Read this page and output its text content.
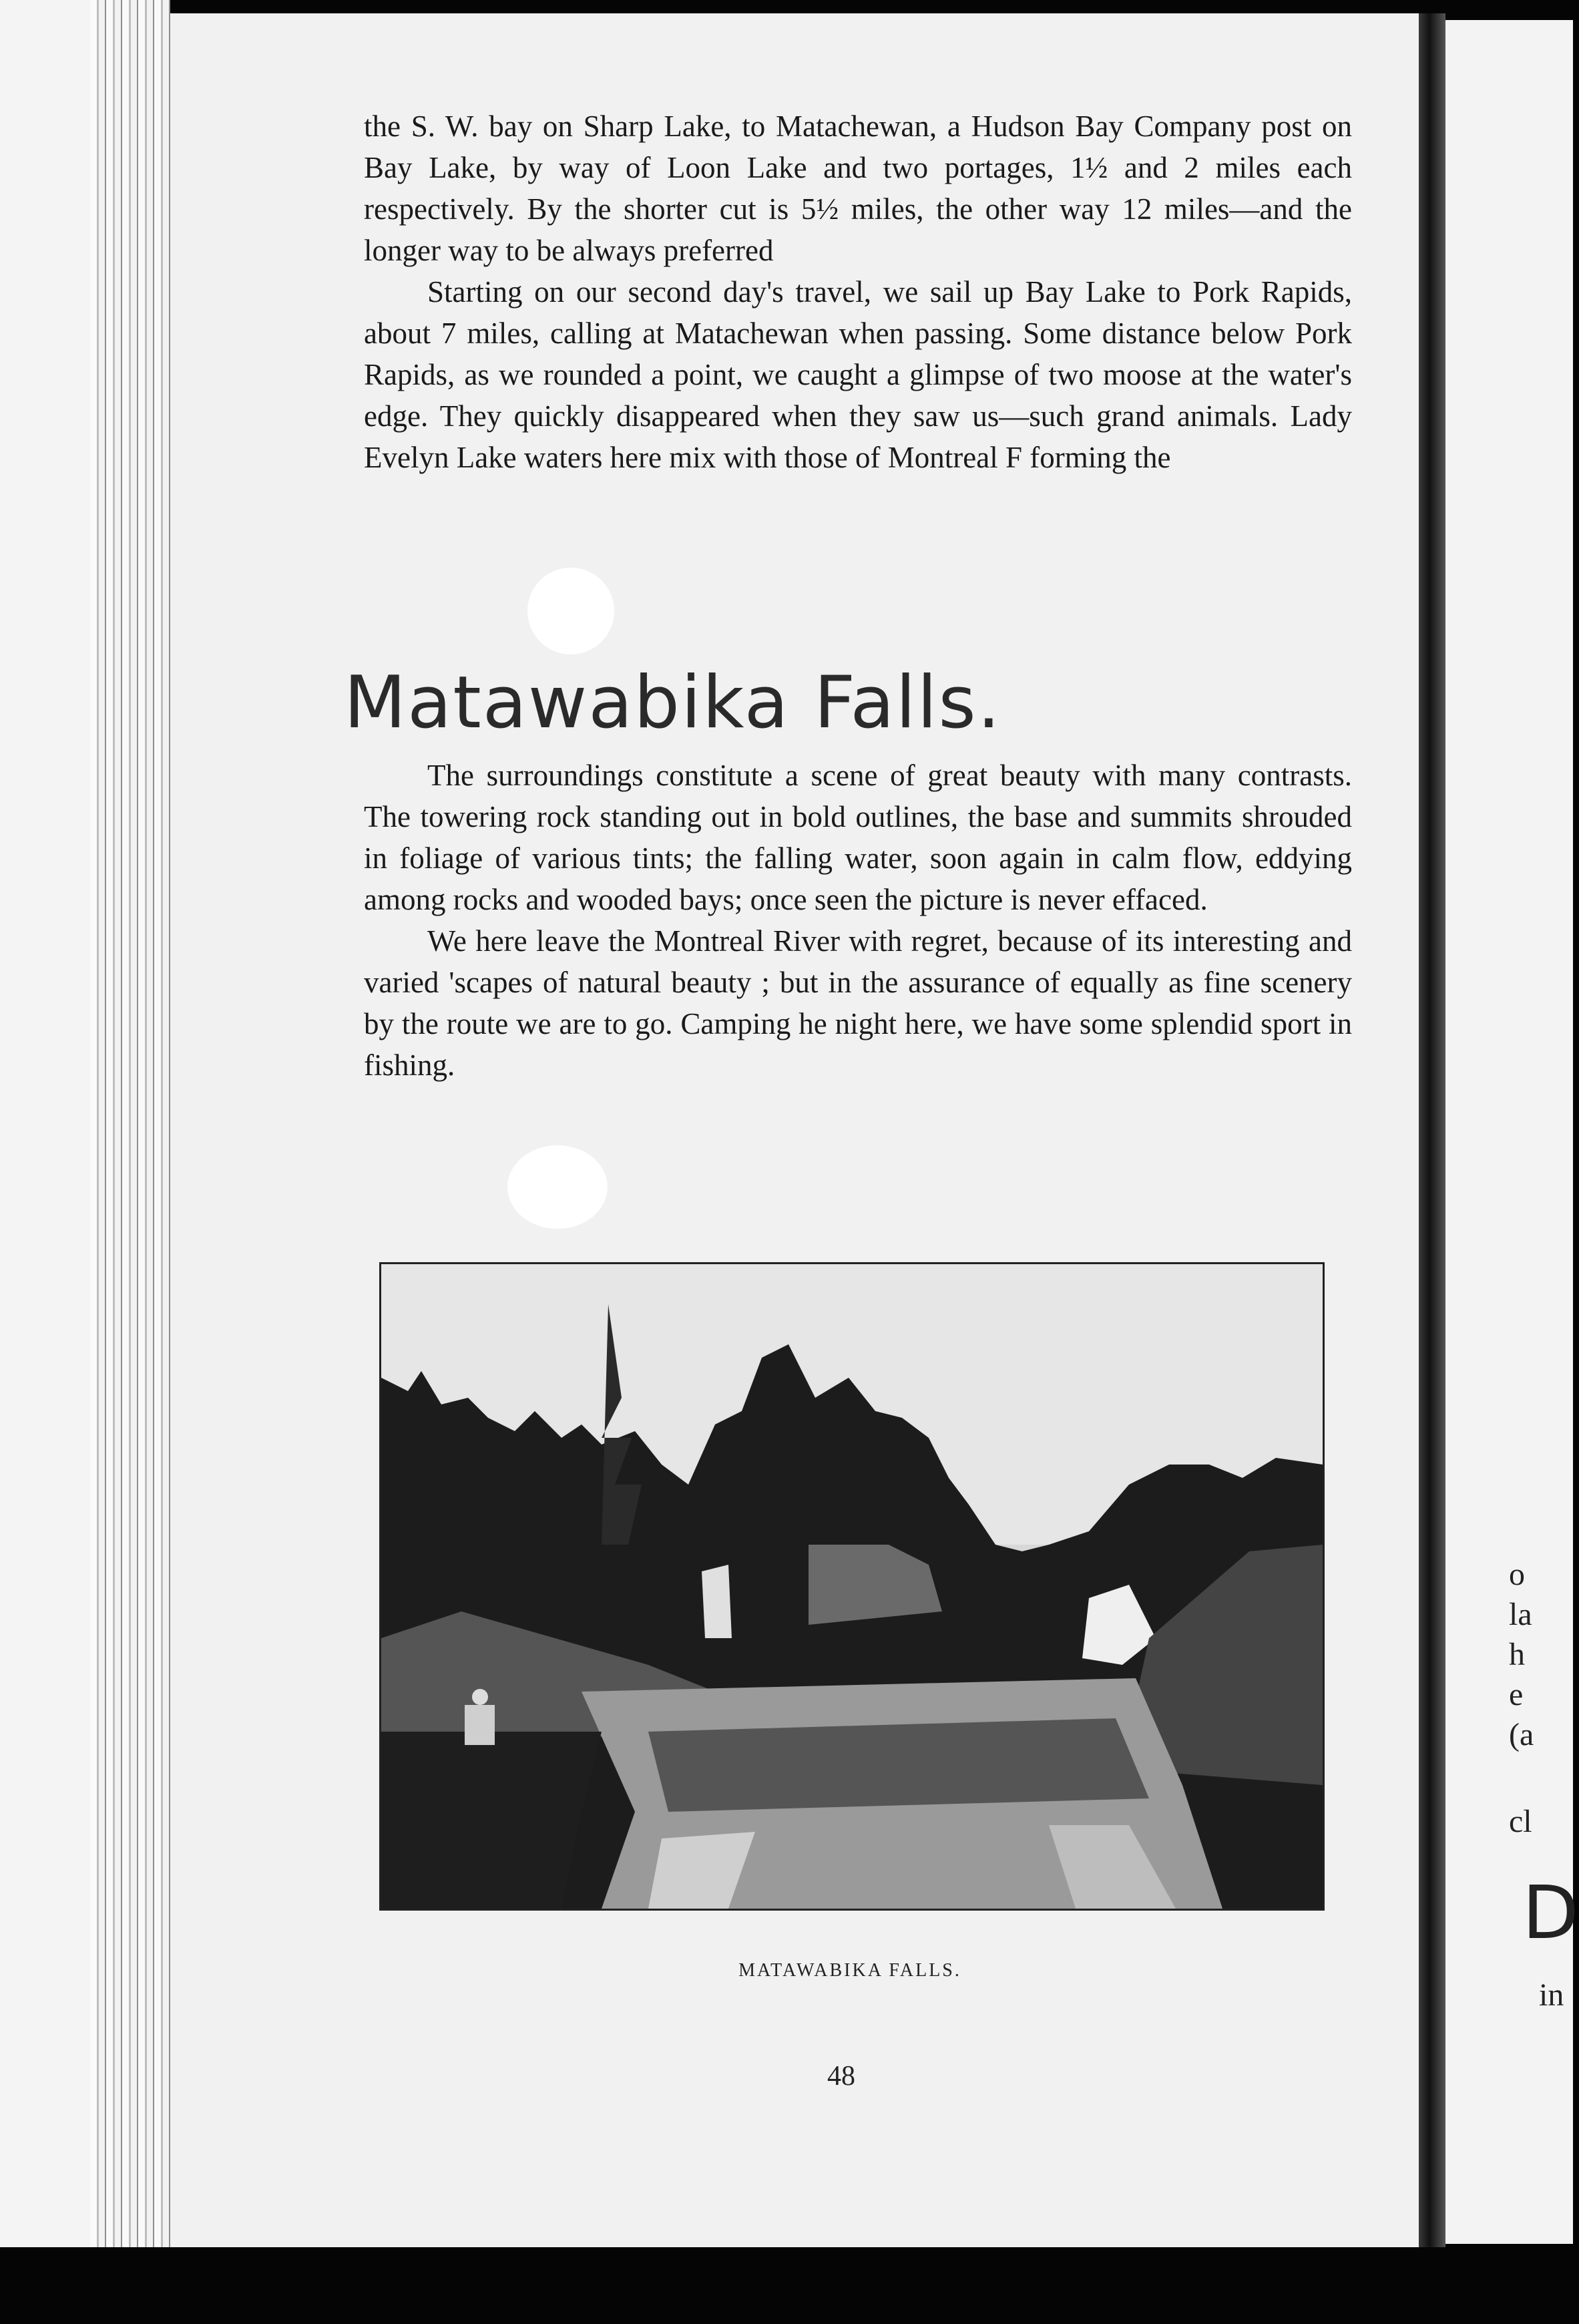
the S. W. bay on Sharp Lake, to Matachewan, a Hudson Bay Company post on Bay Lake, by way of Loon Lake and two portages, 1½ and 2 miles each respectively. By the shorter cut is 5½ miles, the other way 12 miles—and the longer way to be always preferred

Starting on our second day's travel, we sail up Bay Lake to Pork Rapids, about 7 miles, calling at Matachewan when passing. Some distance below Pork Rapids, as we rounded a point, we caught a glimpse of two moose at the water's edge. They quickly disappeared when they saw us—such grand animals. Lady Evelyn Lake waters here mix with those of Montreal F forming the

Matawabika Falls.

The surroundings constitute a scene of great beauty with many contrasts. The towering rock standing out in bold outlines, the base and summits shrouded in foliage of various tints; the falling water, soon again in calm flow, eddying among rocks and wooded bays; once seen the picture is never effaced.

We here leave the Montreal River with regret, because of its interesting and varied 'scapes of natural beauty ; but in the assurance of equally as fine scenery by the route we are to go. Camping he night here, we have some splendid sport in fishing.

MATAWABIKA FALLS.
48
o
la
h
e
(a
cl
D
in
